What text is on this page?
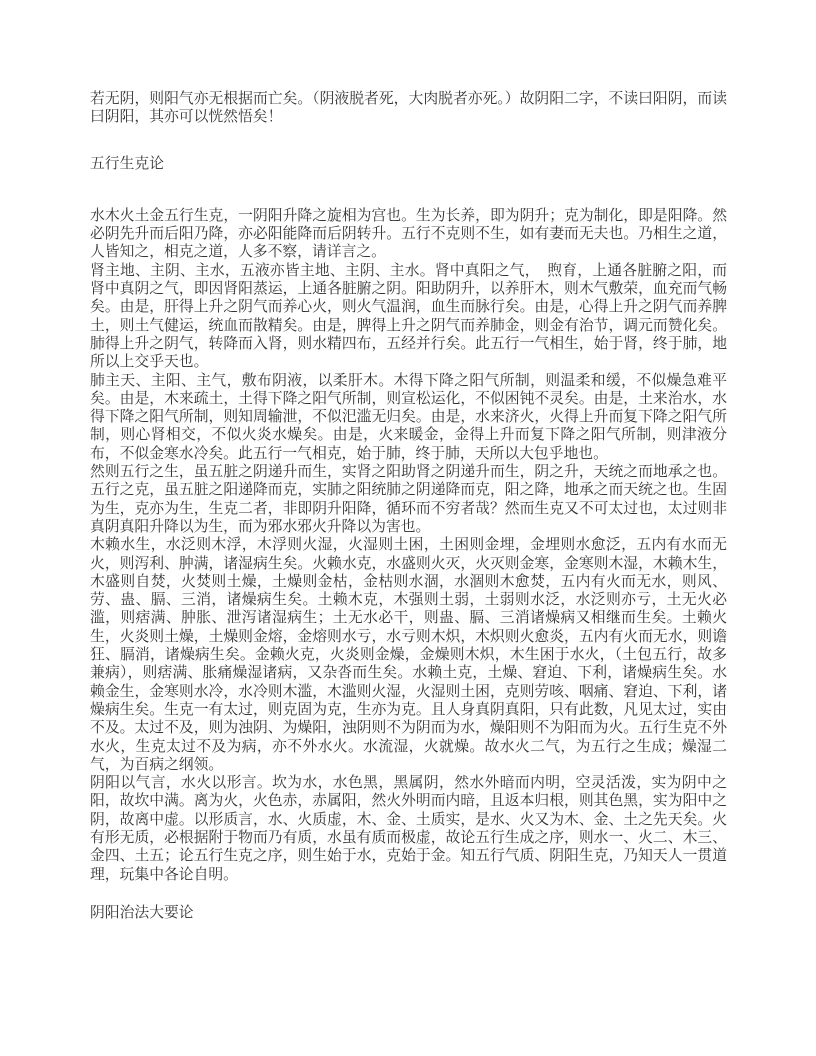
若无阴，则阳气亦无根据而亡矣。（阴液脱者死，大肉脱者亦死。）故阴阳二字，不读曰阳阴，而读曰阴阳，其亦可以恍然悟矣！

五行生克论

水木火土金五行生克，一阴阳升降之旋相为宫也。生为长养，即为阴升；克为制化，即是阳降。然必阴先升而后阳乃降，亦必阳能降而后阴转升。五行不克则不生，如有妻而无夫也。乃相生之道，人皆知之，相克之道，人多不察，请详言之。

肾主地、主阴、主水，五液亦皆主地、主阴、主水。肾中真阳之气，　煦育，上通各脏腑之阳，而肾中真阴之气，即因肾阳蒸运，上通各脏腑之阴。阳助阴升，以养肝木，则木气敷荣，血充而气畅矣。由是，肝得上升之阴气而养心火，则火气温润，血生而脉行矣。由是，心得上升之阴气而养脾土，则土气健运，统血而散精矣。由是，脾得上升之阴气而养肺金，则金有治节，调元而赞化矣。肺得上升之阴气，转降而入肾，则水精四布，五经并行矣。此五行一气相生，始于肾，终于肺，地所以上交乎天也。

肺主天、主阳、主气，敷布阴液，以柔肝木。木得下降之阳气所制，则温柔和缓，不似燥急难平矣。由是，木来疏土，土得下降之阳气所制，则宣松运化，不似困钝不灵矣。由是，土来治水，水得下降之阳气所制，则知周输泄，不似汜滥无归矣。由是，水来济火，火得上升而复下降之阳气所制，则心肾相交，不似火炎水燥矣。由是，火来暖金，金得上升而复下降之阳气所制，则津液分布，不似金寒水冷矣。此五行一气相克，始于肺，终于肺，天所以大包乎地也。

然则五行之生，虽五脏之阴递升而生，实肾之阳助肾之阴递升而生，阴之升，天统之而地承之也。五行之克，虽五脏之阳递降而克，实肺之阳统肺之阴递降而克，阳之降，地承之而天统之也。生固为生，克亦为生，生克二者，非即阴升阳降，循环而不穷者哉？然而生克又不可太过也，太过则非真阴真阳升降以为生，而为邪水邪火升降以为害也。

木赖水生，水泛则木浮，木浮则火湿，火湿则土困，土困则金埋，金埋则水愈泛，五内有水而无火，则泻利、肿满，诸湿病生矣。火赖水克，水盛则火灭，火灭则金寒，金寒则木湿，木赖木生，木盛则自焚，火焚则土燥，土燥则金枯，金枯则水涸，水涸则木愈焚，五内有火而无水，则风、劳、蛊、膈、三消，诸燥病生矣。土赖木克，木强则土弱，土弱则水泛，水泛则亦亏，土无火必滥，则痞满、肿胀、泄泻诸湿病生；土无水必干，则蛊、膈、三消诸燥病又相继而生矣。土赖火生，火炎则土燥，土燥则金熔，金熔则水亏，水亏则木炽，木炽则火愈炎，五内有火而无水，则谵狂、膈消，诸燥病生矣。金赖火克，火炎则金燥，金燥则木炽，木生困于水火，（土包五行，故多兼病），则痞满、胀痛燥湿诸病，又杂沓而生矣。水赖土克，土燥、窘迫、下利，诸燥病生矣。水赖金生，金寒则水冷，水冷则木滥，木滥则火湿，火湿则土困，克则劳咳、咽痛、窘迫、下利，诸燥病生矣。生克一有太过，则克固为克，生亦为克。且人身真阴真阳，只有此数，凡见太过，实由不及。太过不及，则为浊阴、为燥阳，浊阴则不为阴而为水，燥阳则不为阳而为火。五行生克不外水火，生克太过不及为病，亦不外水火。水流湿，火就燥。故水火二气，为五行之生成；燥湿二气，为百病之纲领。

阴阳以气言，水火以形言。坎为水，水色黑，黑属阴，然水外暗而内明，空灵活泼，实为阴中之阳，故坎中满。离为火，火色赤，赤属阳，然火外明而内暗，且返本归根，则其色黑，实为阳中之阴，故离中虚。以形质言，水、火质虚，木、金、土质实，是水、火又为木、金、土之先天矣。火有形无质，必根据附于物而乃有质，水虽有质而极虚，故论五行生成之序，则水一、火二、木三、金四、土五；论五行生克之序，则生始于水，克始于金。知五行气质、阴阳生克，乃知天人一贯道理，玩集中各论自明。

阴阳治法大要论
